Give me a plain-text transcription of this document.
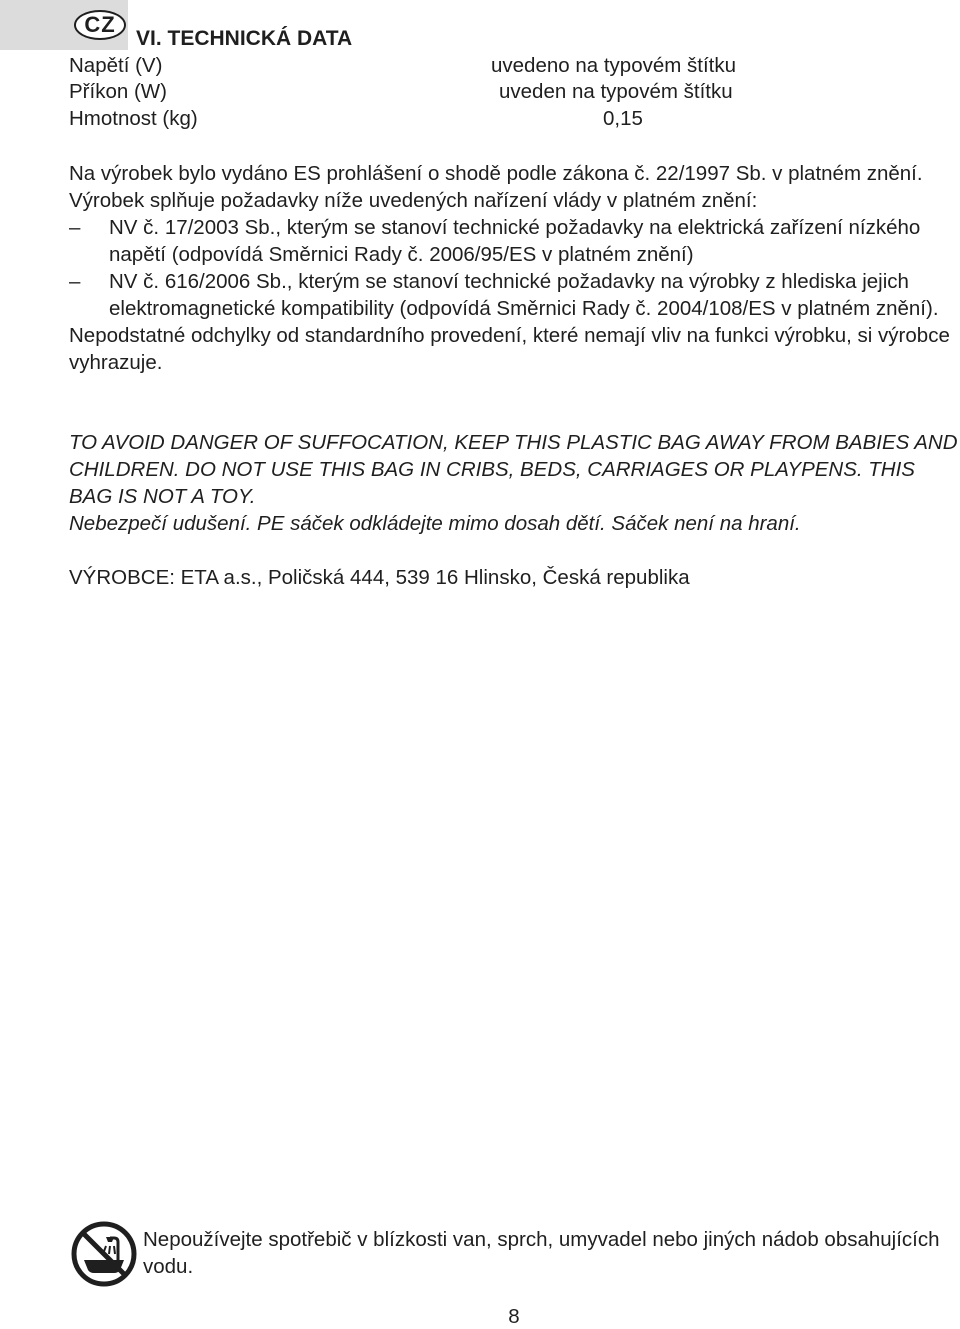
CZ
VI. TECHNICKÁ DATA
Napětí (V)	uvedeno na typovém štítku
Příkon (W)	uveden na typovém štítku
Hmotnost (kg)	0,15
Na výrobek bylo vydáno ES prohlášení o shodě podle zákona č. 22/1997 Sb. v platném znění. Výrobek splňuje požadavky níže uvedených nařízení vlády v platném znění:
– NV č. 17/2003 Sb., kterým se stanoví technické požadavky na elektrická zařízení nízkého napětí (odpovídá Směrnici Rady č. 2006/95/ES v platném znění)
– NV č. 616/2006 Sb., kterým se stanoví technické požadavky na výrobky z hlediska jejich elektromagnetické kompatibility (odpovídá Směrnici Rady č. 2004/108/ES v platném znění).
Nepodstatné odchylky od standardního provedení, které nemají vliv na funkci výrobku, si výrobce vyhrazuje.
TO AVOID DANGER OF SUFFOCATION, KEEP THIS PLASTIC BAG AWAY FROM BABIES AND CHILDREN. DO NOT USE THIS BAG IN CRIBS, BEDS, CARRIAGES OR PLAYPENS. THIS BAG IS NOT A TOY.
Nebezpečí udušení. PE sáček odkládejte mimo dosah dětí. Sáček není na hraní.
VÝROBCE: ETA a.s., Poličská 444, 539 16 Hlinsko, Česká republika
Nepoužívejte spotřebič v blízkosti van, sprch, umyvadel nebo jiných nádob obsahujících vodu.
8
